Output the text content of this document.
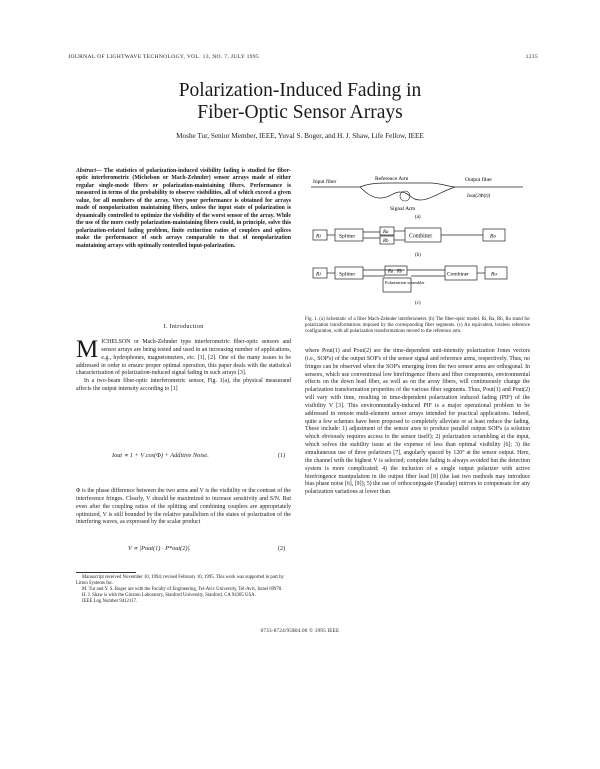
JOURNAL OF LIGHTWAVE TECHNOLOGY, VOL. 13, NO. 7, JULY 1995	1235
Polarization-Induced Fading in
Fiber-Optic Sensor Arrays
Moshe Tur, Senior Member, IEEE, Yuval S. Boger, and H. J. Shaw, Life Fellow, IEEE
Abstract— The statistics of polarization-induced visibility fading is studied for fiber-optic interferometric (Michelson or Mach-Zehnder) sensor arrays made of either regular single-mode fibers or polarization-maintaining fibers. Performance is measured in terms of the probability to observe visibilities, all of which exceed a given value, for all members of the array. Very poor performance is obtained for arrays made of nonpolarization maintaining fibers, unless the input state of polarization is dynamically controlled to optimize the visibility of the worst sensor of the array. While the use of the more costly polarization-maintaining fibers could, in principle, solve this polarization-related fading problem, finite extinction ratios of couplers and splices make the performance of such arrays comparable to that of nonpolarization maintaining arrays with optimally controlled input-polarization.
I. Introduction
M ICHELSON or Mach-Zehnder type interferometric fiber-optic sensors and sensor arrays are being tested and used in an increasing number of applications, e.g., hydrophones, magnetometers, etc. [1], [2]. One of the many issues to be addressed in order to ensure proper optimal operation, this paper deals with the statistical characterization of polarization-induced signal fading in such arrays [3].

In a two-beam fiber-optic interferometric sensor, Fig. 1(a), the physical measurand affects the output intensity according to [1]

Iout ∝ 1 + V cos(Φ) + Additive Noise.	(1)
Φ is the phase difference between the two arms and V is the visibility or the contrast of the interference fringes. Clearly, V should be maximized to increase sensitivity and S/N. But even after the coupling ratios of the splitting and combining couplers are appropriately optimized, V is still bounded by the relative parallelism of the states of polarization of the interfering waves, as expressed by the scalar product
V ∝ |Pout(1) · P*out(2)|.	(2)

Manuscript received November 10, 1994; revised February 10, 1995. This work was supported in part by Litton Systems Inc.

M. Tur and Y. S. Boger are with the Faculty of Engineering, Tel-Aviv University, Tel-Aviv, Israel 69978.

H. J. Shaw is with the Ginzton Laboratory, Stanford University, Stanford, CA 94305 USA.

IEEE Log Number 9412117.

Input fiber	Reference Arm	Output fiber
Signal Arm
Iout(2Φ(t))
(a)
Ri	Splitter
Ra
Rb
Combiner	Ro
(b)
Ri	Splitter	Ra Rb
Polarization scrambler
Combiner	Ro
(c)
Fig. 1. (a) Schematic of a fiber Mach-Zehnder interferometer. (b) The fiber-optic model. Ri, Ra, Rb, Ro stand for polarization transformations imposed by the corresponding fiber segments. (c) An equivalent, lossless reference configuration, with all polarization transformations moved to the reference arm.
where Pout(1) and Pout(2) are the time-dependent unit-intensity polarization Jones vectors (i.e., SOP's) of the output SOP's of the sensor signal and reference arms, respectively. Thus, no fringes can be observed when the SOP's emerging from the two sensor arms are orthogonal. In sensors, which use conventional low birefringence fibers and fiber components, environmental effects on the down lead fiber, as well as on the array fibers, will continuously change the polarization transformation properties of the various fiber segments. Thus, Pout(1) and Pout(2) will vary with time, resulting in time-dependent polarization induced fading (PIF) of the visibility V [3]. This environmentally-induced PIF is a major operational problem to be addressed in remote multi-element sensor arrays intended for practical applications. Indeed, quite a few schemes have been proposed to completely alleviate or at least reduce the fading. These include: 1) adjustment of the sensor axes to produce parallel output SOP's (a solution which obviously requires access to the sensor itself); 2) polarization scrambling at the input, which solves the stability issue at the expense of less than optimal visibility [6]; 3) the simultaneous use of three polarizers [7], angularly spaced by 120° at the sensor output. Here, the channel with the highest V is selected; complete fading is always avoided but the detection system is more complicated; 4) the inclusion of a single output polarizer with active birefringence manipulation in the output fiber lead [8] (the last two methods may introduce bias phase noise [6], [9]); 5) the use of orthoconjugate (Faraday) mirrors to compensate for any polarization variations at lower than
0733-8724/95$04.00 © 1995 IEEE
